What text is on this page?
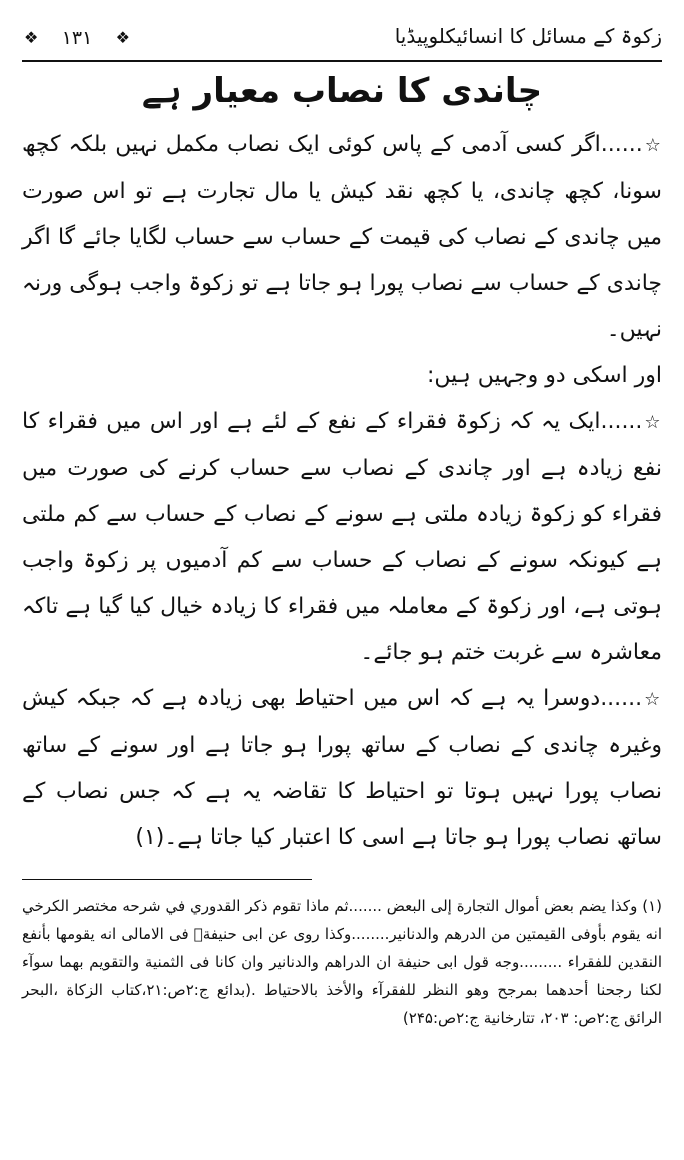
زکوۃ کے مسائل کا انسائیکلوپیڈیا
❖ ۱۳۱ ❖
چاندی کا نصاب معیار ہے

☆......اگر کسی آدمی کے پاس کوئی ایک نصاب مکمل نہیں بلکہ کچھ سونا، کچھ چاندی، یا کچھ نقد کیش یا مال تجارت ہے تو اس صورت میں چاندی کے نصاب کی قیمت کے حساب سے حساب لگایا جائے گا اگر چاندی کے حساب سے نصاب پورا ہو جاتا ہے تو زکوۃ واجب ہوگی ورنہ نہیں۔

اور اسکی دو وجہیں ہیں:

☆......ایک یہ کہ زکوۃ فقراء کے نفع کے لئے ہے اور اس میں فقراء کا نفع زیادہ ہے اور چاندی کے نصاب سے حساب کرنے کی صورت میں فقراء کو زکوۃ زیادہ ملتی ہے سونے کے نصاب کے حساب سے کم ملتی ہے کیونکہ سونے کے نصاب کے حساب سے کم آدمیوں پر زکوۃ واجب ہوتی ہے، اور زکوۃ کے معاملہ میں فقراء کا زیادہ خیال کیا گیا ہے تاکہ معاشرہ سے غربت ختم ہو جائے۔

☆......دوسرا یہ ہے کہ اس میں احتیاط بھی زیادہ ہے کہ جبکہ کیش وغیرہ چاندی کے نصاب کے ساتھ پورا ہو جاتا ہے اور سونے کے ساتھ نصاب پورا نہیں ہوتا تو احتیاط کا تقاضہ یہ ہے کہ جس نصاب کے ساتھ نصاب پورا ہو جاتا ہے اسی کا اعتبار کیا جاتا ہے۔(۱)

(۱) وكذا يضم بعض أموال التجارة إلى البعض .......ثم ماذا تقوم ذكر القدوري في شرحه مختصر الكرخي انه يقوم بأوفى القيمتين من الدرهم والدنانير........وكذا روى عن ابى حنيفةؒ فى الامالى انه يقومها بأنفع النقدين للفقراء .........وجه قول ابى حنيفة ان الدراهم والدنانير وان كانا فى الثمنية والتقويم بهما سوآء لكنا رجحنا أحدهما بمرجح وهو النظر للفقرآء والأخذ بالاحتياط .(بدائع ج:۲ص:۲۱،كتاب الزكاة ،البحر الرائق ج:۲ص: ۲۰۳، تتارخانية ج:۲ص:۲۴۵)
